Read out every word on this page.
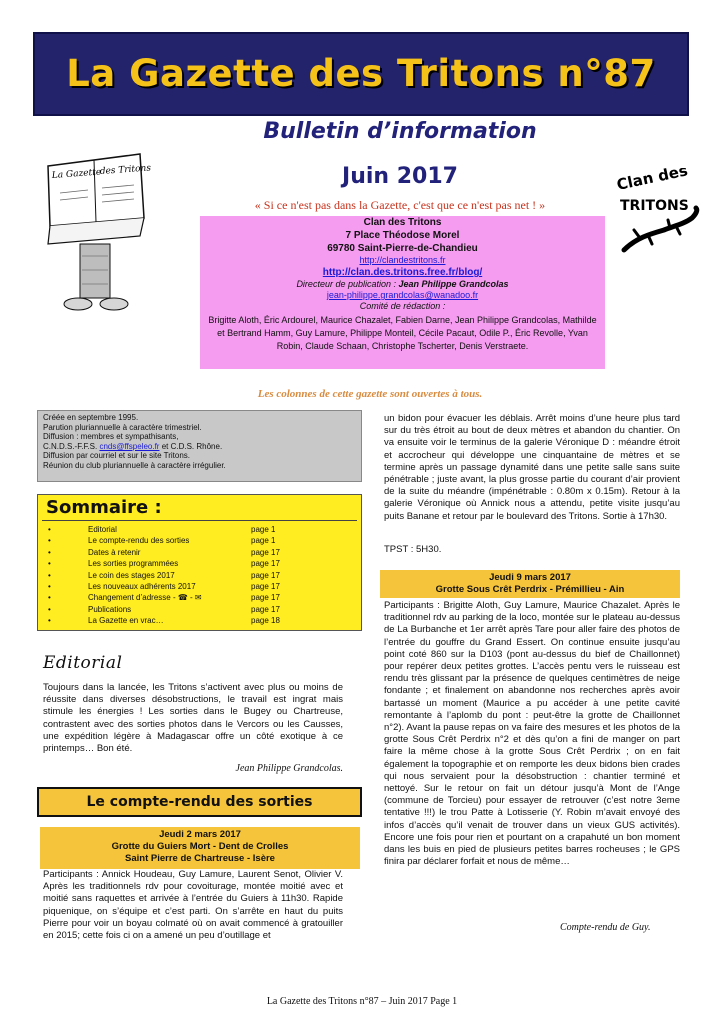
La Gazette des Tritons n°87
La Gazette
des Tritons	Clan des
TRITONS
Bulletin d’information
Juin 2017
« Si ce n'est pas dans la Gazette, c'est que ce n'est pas net ! »
Clan des Tritons
7 Place Théodose Morel
69780 Saint-Pierre-de-Chandieu
http://clandestritons.fr
http://clan.des.tritons.free.fr/blog/
Directeur de publication : Jean Philippe Grandcolas
jean-philippe.grandcolas@wanadoo.fr
Comité de rédaction :
Brigitte Aloth, Éric Ardourel, Maurice Chazalet, Fabien Darne, Jean Philippe Grandcolas, Mathilde et Bertrand Hamm, Guy Lamure, Philippe Monteil, Cécile Pacaut, Odile P., Éric Revolle, Yvan Robin, Claude Schaan, Christophe Tscherter, Denis Verstraete.
Les colonnes de cette gazette sont ouvertes à tous.
Créée en septembre 1995.
Parution pluriannuelle à caractère trimestriel.
Diffusion : membres et sympathisants,
C.N.D.S.-F.F.S. cnds@ffspeleo.fr et C.D.S. Rhône.
Diffusion par courriel et sur le site Tritons.
Réunion du club pluriannuelle à caractère irrégulier.
Sommaire :
•	Editorial	page 1
•	Le compte-rendu des sorties	page 1
•	Dates à retenir	page 17
•	Les sorties programmées	page 17
•	Le coin des stages 2017	page 17
•	Les nouveaux adhérents 2017	page 17
•	Changement d’adresse - ☎ - ✉	page 17
•	Publications	page 17
•	La Gazette en vrac…	page 18
Editorial
Toujours dans la lancée, les Tritons s’activent avec plus ou moins de réussite dans diverses désobstructions, le travail est ingrat mais stimule les énergies ! Les sorties dans le Bugey ou Chartreuse, contrastent avec des sorties photos dans le Vercors ou les Causses, une expédition légère à Madagascar offre un côté exotique à ce printemps… Bon été.
Jean Philippe Grandcolas.
Le compte-rendu des sorties
Jeudi 2 mars 2017
Grotte du Guiers Mort - Dent de Crolles
Saint Pierre de Chartreuse - Isère
Participants : Annick Houdeau, Guy Lamure, Laurent Senot, Olivier V. Après les traditionnels rdv pour covoiturage, montée moitié avec et moitié sans raquettes et arrivée à l’entrée du Guiers à 11h30. Rapide piquenique, on s’équipe et c’est parti. On s’arrête en haut du puits Pierre pour voir un boyau colmaté où on avait commencé à gratouiller en 2015; cette fois ci on a amené un peu d’outillage et
un bidon pour évacuer les déblais. Arrêt moins d’une heure plus tard sur du très étroit au bout de deux mètres et abandon du chantier. On va ensuite voir le terminus de la galerie Véronique D : méandre étroit et accrocheur qui développe une cinquantaine de mètres et se termine après un passage dynamité dans une petite salle sans suite pénétrable ; juste avant, la plus grosse partie du courant d’air provient de la suite du méandre (impénétrable : 0.80m x 0.15m). Retour à la galerie Véronique où Annick nous a attendu, petite visite jusqu’au puits Banane et retour par le boulevard des Tritons. Sortie à 17h30.
TPST : 5H30.
Jeudi 9 mars 2017
Grotte Sous Crêt Perdrix - Prémillieu - Ain
Participants : Brigitte Aloth, Guy Lamure, Maurice Chazalet. Après le traditionnel rdv au parking de la loco, montée sur le plateau au-dessus de La Burbanche et 1er arrêt après Tare pour aller faire des photos de l’entrée du gouffre du Grand Essert. On continue ensuite jusqu’au point coté 860 sur la D103 (pont au-dessus du bief de Chaillonnet) pour repérer deux petites grottes. L’accès pentu vers le ruisseau est rendu très glissant par la présence de quelques centimètres de neige fondante ; et finalement on abandonne nos recherches après avoir bartassé un moment (Maurice a pu accéder à une petite cavité remontante à l’aplomb du pont : peut-être la grotte de Chaillonnet n°2). Avant la pause repas on va faire des mesures et les photos de la grotte Sous Crêt Perdrix n°2 et dès qu’on a fini de manger on part faire la même chose à la grotte Sous Crêt Perdrix ; on en fait également la topographie et on remporte les deux bidons bien crades qui nous servaient pour la désobstruction : chantier terminé et nettoyé. Sur le retour on fait un détour jusqu’à Mont de l’Ange (commune de Torcieu) pour essayer de retrouver (c’est notre 3eme tentative !!!) le trou Patte à Lotisserie (Y. Robin m’avait envoyé des infos d’accès qu’il venait de trouver dans un vieux GUS activités). Encore une fois pour rien et pourtant on a crapahuté un bon moment dans les buis en pied de plusieurs petites barres rocheuses ; le GPS finira par déclarer forfait et nous de même…
Compte-rendu de Guy.
La Gazette des Tritons n°87 – Juin 2017 Page 1
